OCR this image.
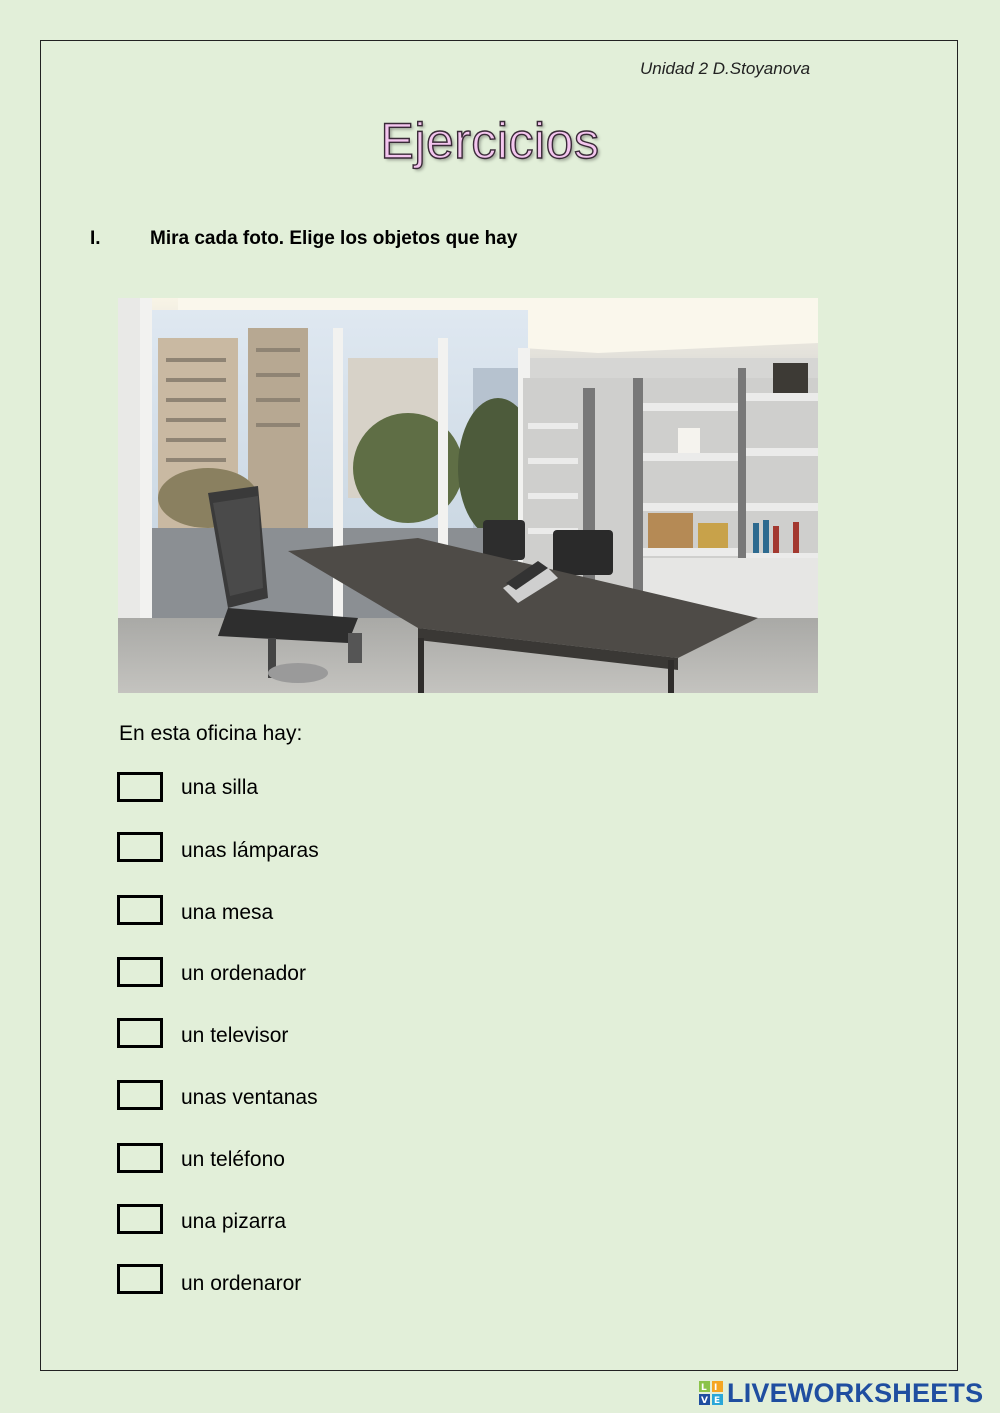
Unidad 2 D.Stoyanova
Ejercicios
I.	Mira cada foto. Elige los objetos que hay
En esta oficina hay:
una silla
unas lámparas
una mesa
un ordenador
un televisor
unas ventanas
un teléfono
una pizarra
un ordenaror
L I
V E LIVEWORKSHEETS
